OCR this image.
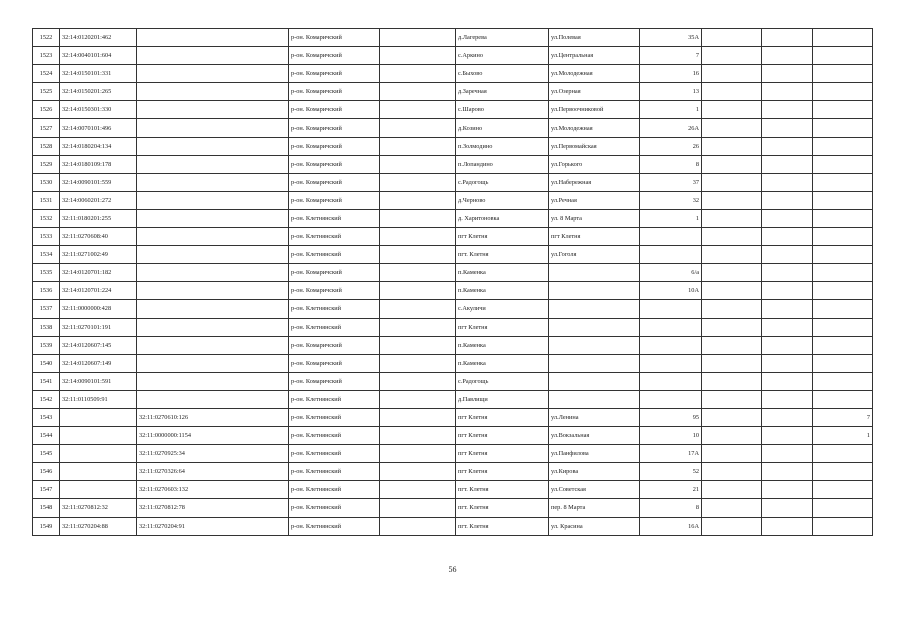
1522	32:14:0120201:462		р-он. Комаричский		д.Лагерева	ул.Полевая	35А			
1523	32:14:0040101:604		р-он. Комаричский		с.Аркино	ул.Центральная	7			
1524	32:14:0150101:331		р-он. Комаричский		с.Быхово	ул.Молодежная	16			
1525	32:14:0150201:265		р-он. Комаричский		д.Заречная	ул.Озерная	13			
1526	32:14:0150301:330		р-он. Комаричский		с.Шарово	ул.Первоочниковой	1			
1527	32:14:0070101:496		р-он. Комаричский		д.Козино	ул.Молодежная	26А			
1528	32:14:0180204:134		р-он. Комаричский		п.Золмодино	ул.Первомайская	26			
1529	32:14:0180109:178		р-он. Комаричский		п.Лопандино	ул.Горького	8			
1530	32:14:0090101:559		р-он. Комаричский		с.Радогощь	ул.Набережная	37			
1531	32:14:0060201:272		р-он. Комаричский		д.Черново	ул.Речная	32			
1532	32:11:0180201:255		р-он. Клетнянский		д. Харитоновка	ул. 8 Марта	1			
1533	32:11:0270608:40		р-он. Клетнянский		пгт Клетня	пгт Клетня				
1534	32:11:0271002:49		р-он. Клетнянский		пгт. Клетня	ул.Гоголя				
1535	32:14:0120701:182		р-он. Комаричский		п.Каменка		6/а			
1536	32:14:0120701:224		р-он. Комаричский		п.Каменка		10А			
1537	32:11:0000000:428		р-он. Клетнянский		с.Акуличи					
1538	32:11:0270101:191		р-он. Клетнянский		пгт Клетня					
1539	32:14:0120607:145		р-он. Комаричский		п.Каменка					
1540	32:14:0120607:149		р-он. Комаричский		п.Каменка					
1541	32:14:0090101:591		р-он. Комаричский		с.Радогощь					
1542	32:11:0110509:91		р-он. Клетнянский		д.Павлищи					
1543		32:11:0270610:126	р-он. Клетнянский		пгт Клетня	ул.Ленина	95			7
1544		32:11:0000000:1154	р-он. Клетнянский		пгт Клетня	ул.Вокзальная	10			1
1545		32:11:0270925:34	р-он. Клетнянский		пгт Клетня	ул.Панфилова	17А			
1546		32:11:0270326:64	р-он. Клетнянский		пгт Клетня	ул.Кирова	52			
1547		32:11:0270603:132	р-он. Клетнянский		пгт. Клетня	ул.Советская	21			
1548	32:11:0270812:32	32:11:0270812:78	р-он. Клетнянский		пгт. Клетня	пер. 8 Марта	8			
1549	32:11:0270204:88	32:11:0270204:91	р-он. Клетнянский		пгт. Клетня	ул. Красина	16А			
56
